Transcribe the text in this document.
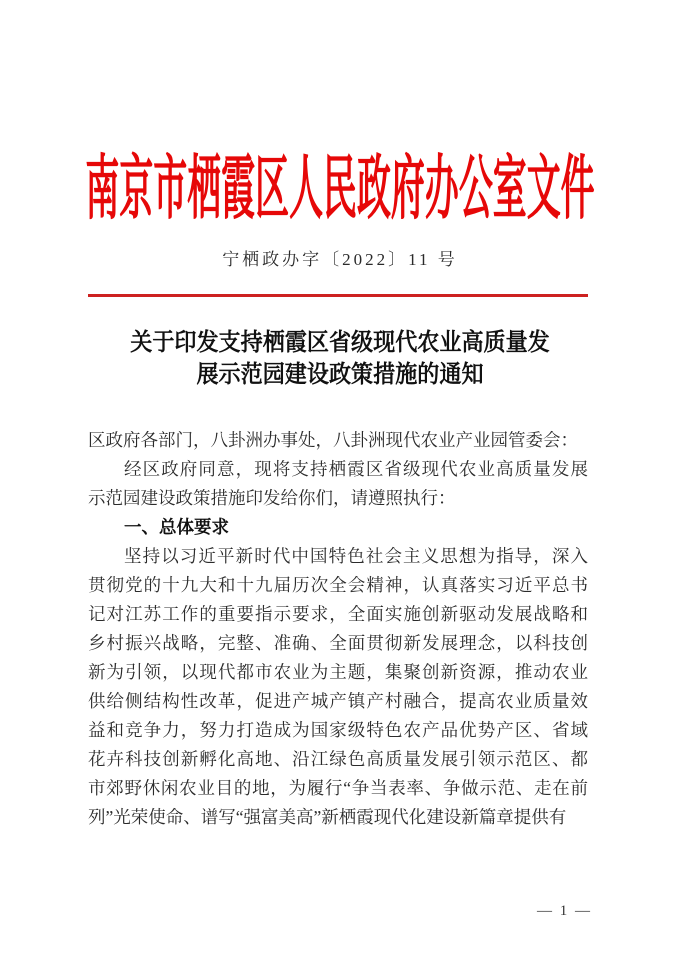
南京市栖霞区人民政府办公室文件
宁栖政办字〔2022〕11 号
关于印发支持栖霞区省级现代农业高质量发
展示范园建设政策措施的通知
区政府各部门，八卦洲办事处，八卦洲现代农业产业园管委会：
经区政府同意，现将支持栖霞区省级现代农业高质量发展
示范园建设政策措施印发给你们，请遵照执行：
一、总体要求
坚持以习近平新时代中国特色社会主义思想为指导，深入
贯彻党的十九大和十九届历次全会精神，认真落实习近平总书
记对江苏工作的重要指示要求，全面实施创新驱动发展战略和
乡村振兴战略，完整、准确、全面贯彻新发展理念，以科技创
新为引领，以现代都市农业为主题，集聚创新资源，推动农业
供给侧结构性改革，促进产城产镇产村融合，提高农业质量效
益和竞争力，努力打造成为国家级特色农产品优势产区、省域
花卉科技创新孵化高地、沿江绿色高质量发展引领示范区、都
市郊野休闲农业目的地，为履行“争当表率、争做示范、走在前
列”光荣使命、谱写“强富美高”新栖霞现代化建设新篇章提供有
— 1 —
